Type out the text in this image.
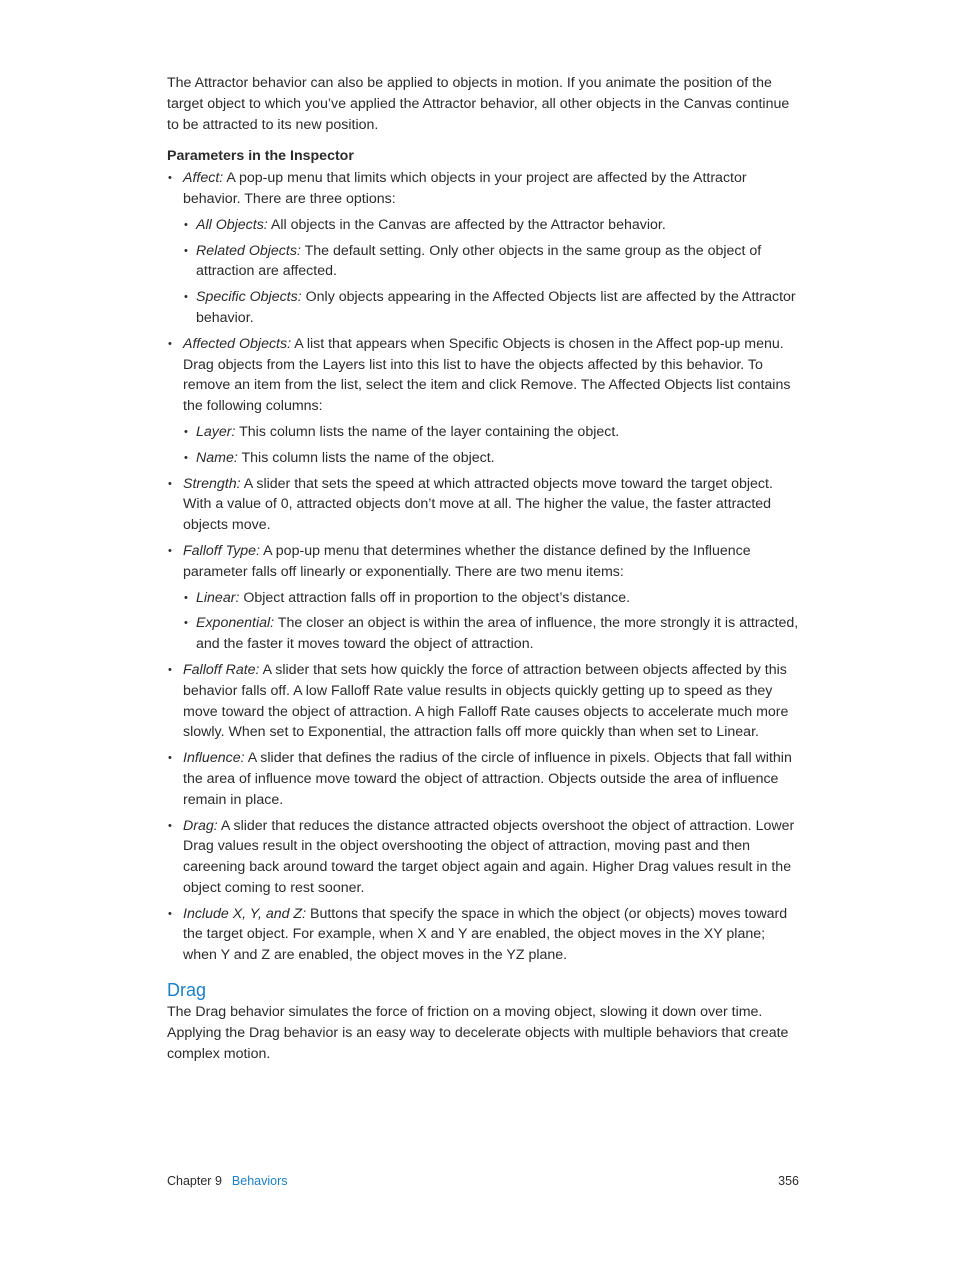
The Attractor behavior can also be applied to objects in motion. If you animate the position of the target object to which you’ve applied the Attractor behavior, all other objects in the Canvas continue to be attracted to its new position.

Parameters in the Inspector

• Affect: A pop-up menu that limits which objects in your project are affected by the Attractor behavior. There are three options:
• All Objects: All objects in the Canvas are affected by the Attractor behavior.
• Related Objects: The default setting. Only other objects in the same group as the object of attraction are affected.
• Specific Objects: Only objects appearing in the Affected Objects list are affected by the Attractor behavior.
• Affected Objects: A list that appears when Specific Objects is chosen in the Affect pop-up menu. Drag objects from the Layers list into this list to have the objects affected by this behavior. To remove an item from the list, select the item and click Remove. The Affected Objects list contains the following columns:
• Layer: This column lists the name of the layer containing the object.
• Name: This column lists the name of the object.
• Strength: A slider that sets the speed at which attracted objects move toward the target object. With a value of 0, attracted objects don’t move at all. The higher the value, the faster attracted objects move.
• Falloff Type: A pop-up menu that determines whether the distance defined by the Influence parameter falls off linearly or exponentially. There are two menu items:
• Linear: Object attraction falls off in proportion to the object’s distance.
• Exponential: The closer an object is within the area of influence, the more strongly it is attracted, and the faster it moves toward the object of attraction.
• Falloff Rate: A slider that sets how quickly the force of attraction between objects affected by this behavior falls off. A low Falloff Rate value results in objects quickly getting up to speed as they move toward the object of attraction. A high Falloff Rate causes objects to accelerate much more slowly. When set to Exponential, the attraction falls off more quickly than when set to Linear.
• Influence: A slider that defines the radius of the circle of influence in pixels. Objects that fall within the area of influence move toward the object of attraction. Objects outside the area of influence remain in place.
• Drag: A slider that reduces the distance attracted objects overshoot the object of attraction. Lower Drag values result in the object overshooting the object of attraction, moving past and then careening back around toward the target object again and again. Higher Drag values result in the object coming to rest sooner.
• Include X, Y, and Z: Buttons that specify the space in which the object (or objects) moves toward the target object. For example, when X and Y are enabled, the object moves in the XY plane; when Y and Z are enabled, the object moves in the YZ plane.
Drag

The Drag behavior simulates the force of friction on a moving object, slowing it down over time. Applying the Drag behavior is an easy way to decelerate objects with multiple behaviors that create complex motion.

Chapter 9 Behaviors	356
